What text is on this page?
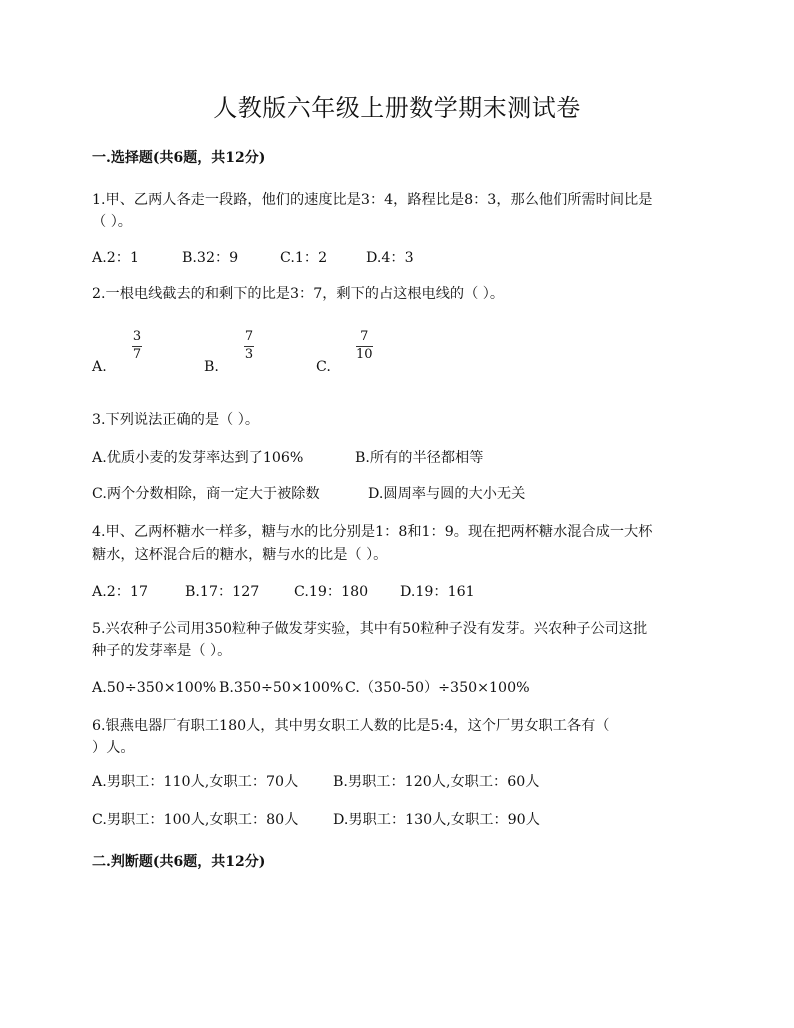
人教版六年级上册数学期末测试卷
一.选择题(共6题，共12分)
1.甲、乙两人各走一段路，他们的速度比是3：4，路程比是8：3，那么他们所需时间比是
（ ）。
A.2：1	B.32：9	C.1：2	D.4：3
2.一根电线截去的和剩下的比是3：7，剩下的占这根电线的（ ）。
A.
3
7
B.
7
3
C.
7
10
3.下列说法正确的是（ ）。
A.优质小麦的发芽率达到了106%	B.所有的半径都相等
C.两个分数相除，商一定大于被除数	D.圆周率与圆的大小无关
4.甲、乙两杯糖水一样多，糖与水的比分别是1：8和1：9。现在把两杯糖水混合成一大杯
糖水，这杯混合后的糖水，糖与水的比是（ ）。
A.2：17	B.17：127 C.19：180 D.19：161
5.兴农种子公司用350粒种子做发芽实验，其中有50粒种子没有发芽。兴农种子公司这批
种子的发芽率是（ ）。
A.50÷350×100% B.350÷50×100% C.（350-50）÷350×100%
6.银燕电器厂有职工180人，其中男女职工人数的比是5:4，这个厂男女职工各有（
）人。
A.男职工：110人,女职工：70人 B.男职工：120人,女职工：60人
C.男职工：100人,女职工：80人 D.男职工：130人,女职工：90人
二.判断题(共6题，共12分)
